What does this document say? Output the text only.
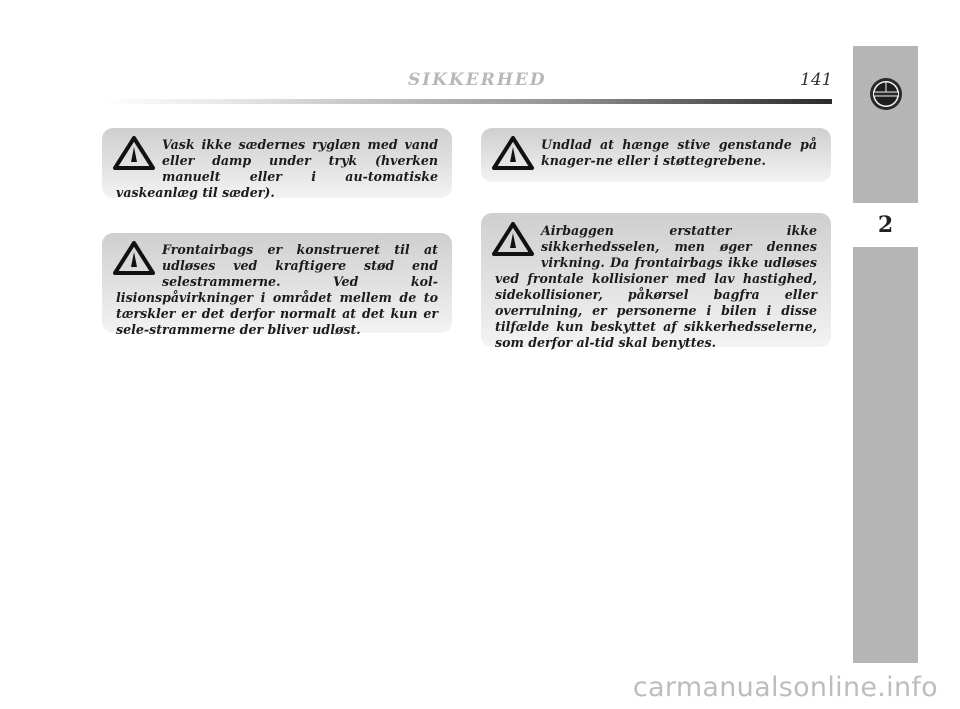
SIKKERHED	141
2

Vask ikke sædernes ryglæn med vand eller damp under tryk (hverken manuelt eller i au-tomatiske vaskeanlæg til sæder).

Frontairbags er konstrueret til at udløses ved kraftigere stød end selestrammerne. Ved kol-lisionspåvirkninger i området mellem de to tærskler er det derfor normalt at det kun er sele-strammerne der bliver udløst.

Undlad at hænge stive genstande på knager-ne eller i støttegrebene.

Airbaggen erstatter ikke sikkerhedsselen, men øger dennes virkning. Da frontairbags ikke udløses ved frontale kollisioner med lav hastighed, sidekollisioner, påkørsel bagfra eller overrulning, er personerne i bilen i disse tilfælde kun beskyttet af sikkerhedsselerne, som derfor al-tid skal benyttes.

carmanualsonline.info
